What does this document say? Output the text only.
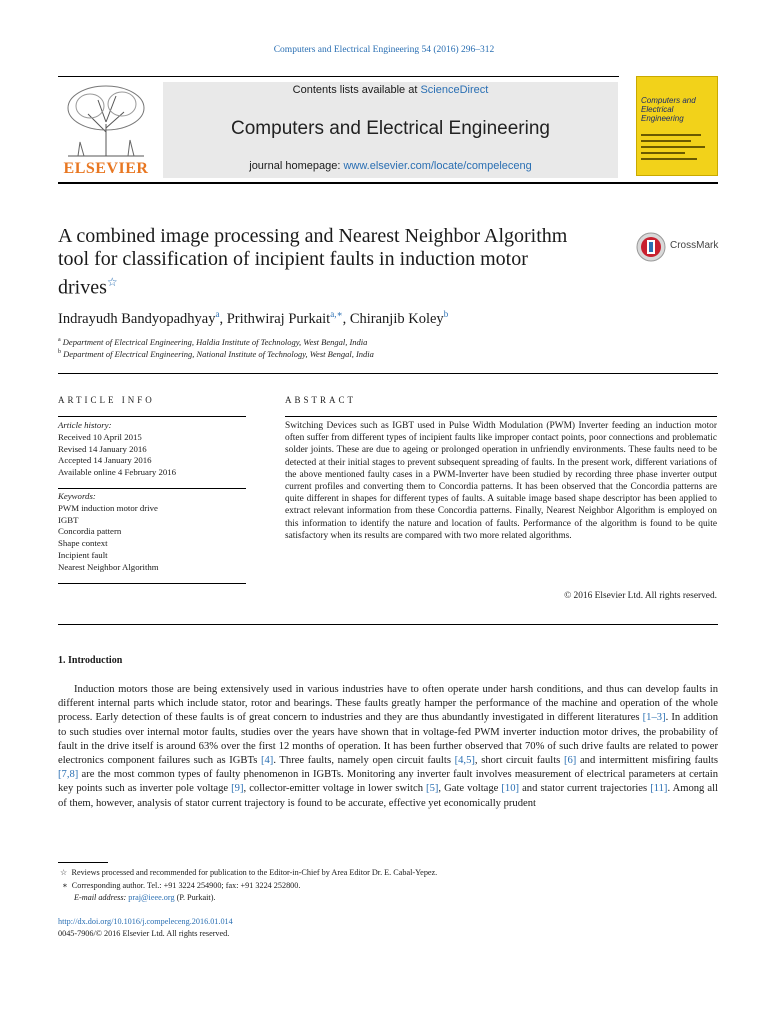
Computers and Electrical Engineering 54 (2016) 296–312
ELSEVIER
Contents lists available at ScienceDirect
Computers and Electrical Engineering
journal homepage: www.elsevier.com/locate/compeleceng
Computers and Electrical Engineering
A combined image processing and Nearest Neighbor Algorithm tool for classification of incipient faults in induction motor drives☆
CrossMark
Indrayudh Bandyopadhyay$^a$, Prithwiraj Purkait$^{a,∗}$, Chiranjib Koley$^b$
$^a$ Department of Electrical Engineering, Haldia Institute of Technology, West Bengal, India
$^b$ Department of Electrical Engineering, National Institute of Technology, West Bengal, India
ARTICLE INFO
Article history:
Received 10 April 2015
Revised 14 January 2016
Accepted 14 January 2016
Available online 4 February 2016
Keywords:
PWM induction motor drive
IGBT
Concordia pattern
Shape context
Incipient fault
Nearest Neighbor Algorithm
ABSTRACT
Switching Devices such as IGBT used in Pulse Width Modulation (PWM) Inverter feeding an induction motor often suffer from different types of incipient faults like improper contact points, poor connections and problematic solder joints. These are due to ageing or prolonged operation in unfriendly environments. These faults need to be detected at their initial stages to prevent subsequent spreading of faults. In the present work, different variations of the above mentioned faulty cases in a PWM-Inverter have been studied by recording three phase inverter output current profiles and converting them to Concordia patterns. It has been observed that the Concordia patterns are quite different in shapes for different types of faults. A suitable image based shape descriptor has been applied to extract relevant information from these Concordia patterns. Finally, Nearest Neighbor Algorithm is employed on this information to identify the nature and location of faults. Performance of the algorithm is found to be quite satisfactory when its results are compared with two more related algorithms.
© 2016 Elsevier Ltd. All rights reserved.
1. Introduction
Induction motors those are being extensively used in various industries have to often operate under harsh conditions, and thus can develop faults in different internal parts which include stator, rotor and bearings. These faults greatly hamper the performance of the machine and operation of the whole process. Early detection of these faults is of great concern to industries and they are thus abundantly investigated in different literatures [1–3]. In addition to such studies over internal motor faults, studies over the years have shown that in voltage-fed PWM inverter induction motor drives, the probability of fault in the drive itself is around 63% over the first 12 months of operation. It has been further observed that 70% of such drive faults are related to power electronics component failures such as IGBTs [4]. Three faults, namely open circuit faults [4,5], short circuit faults [6] and intermittent misfiring faults [7,8] are the most common types of faulty phenomenon in IGBTs. Monitoring any inverter fault involves measurement of electrical parameters at certain key points such as inverter pole voltage [9], collector-emitter voltage in lower switch [5], Gate voltage [10] and stator current trajectories [11]. Among all of them, however, analysis of stator current trajectory is found to be accurate, effective yet economically prudent
☆ Reviews processed and recommended for publication to the Editor-in-Chief by Area Editor Dr. E. Cabal-Yepez.
∗ Corresponding author. Tel.: +91 3224 254900; fax: +91 3224 252800.
E-mail address: praj@ieee.org (P. Purkait).
http://dx.doi.org/10.1016/j.compeleceng.2016.01.014
0045-7906/© 2016 Elsevier Ltd. All rights reserved.
